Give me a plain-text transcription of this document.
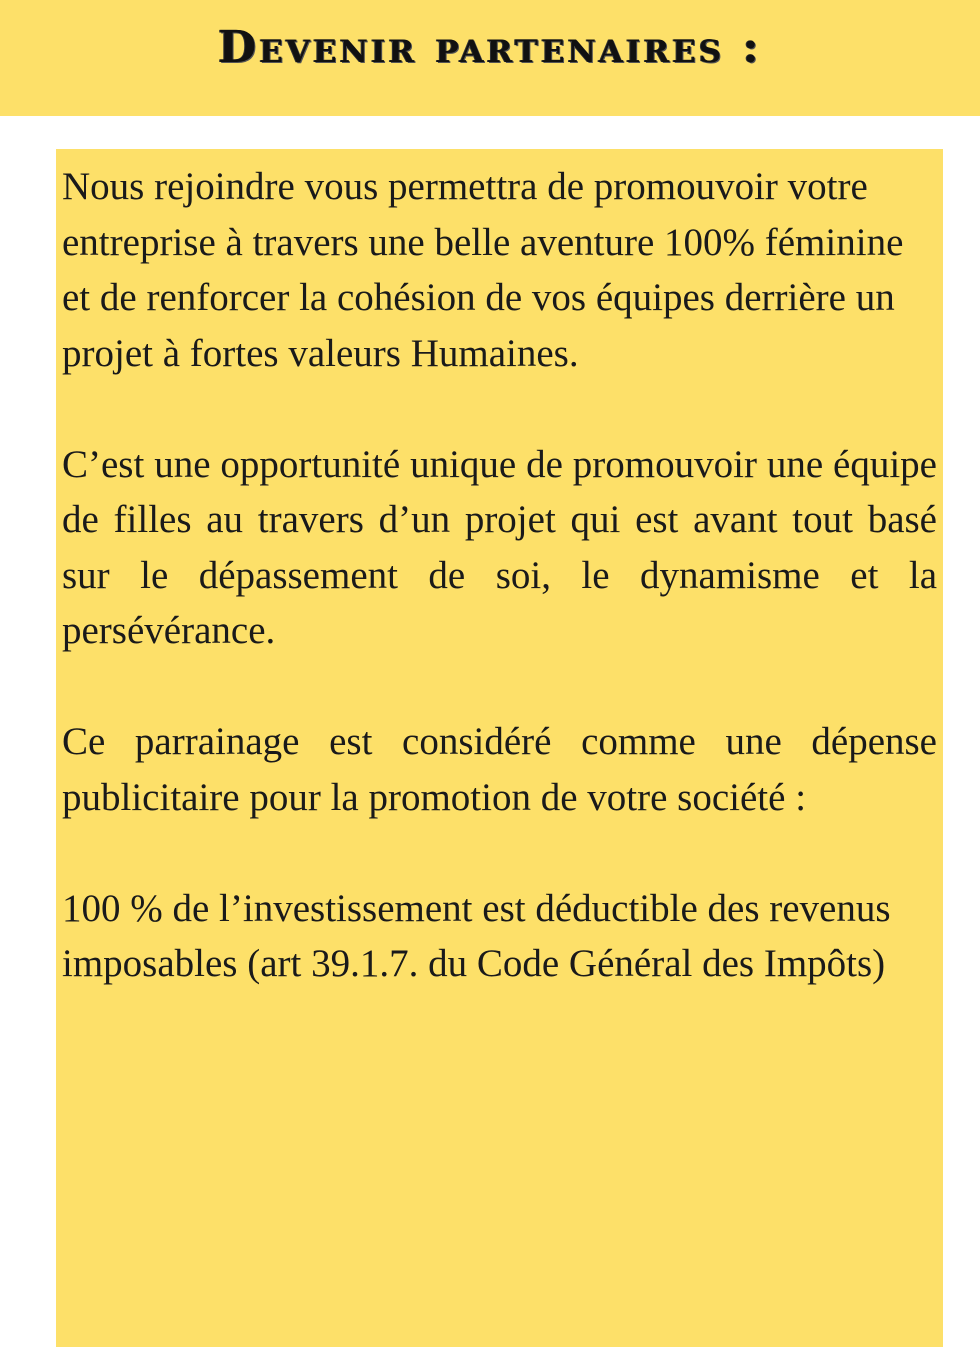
Devenir partenaires :

Nous rejoindre vous permettra de promouvoir votre entreprise à travers une belle aventure 100% féminine et de renforcer la cohésion de vos équipes derrière un projet à fortes valeurs Humaines.

C’est une opportunité unique de promouvoir une équipe de filles au travers d’un projet qui est avant tout basé sur le dépassement de soi, le dynamisme et la persévérance.

Ce parrainage est considéré comme une dépense publicitaire pour la promotion de votre société :

100 % de l’investissement est déductible des revenus imposables (art 39.1.7. du Code Général des Impôts)
